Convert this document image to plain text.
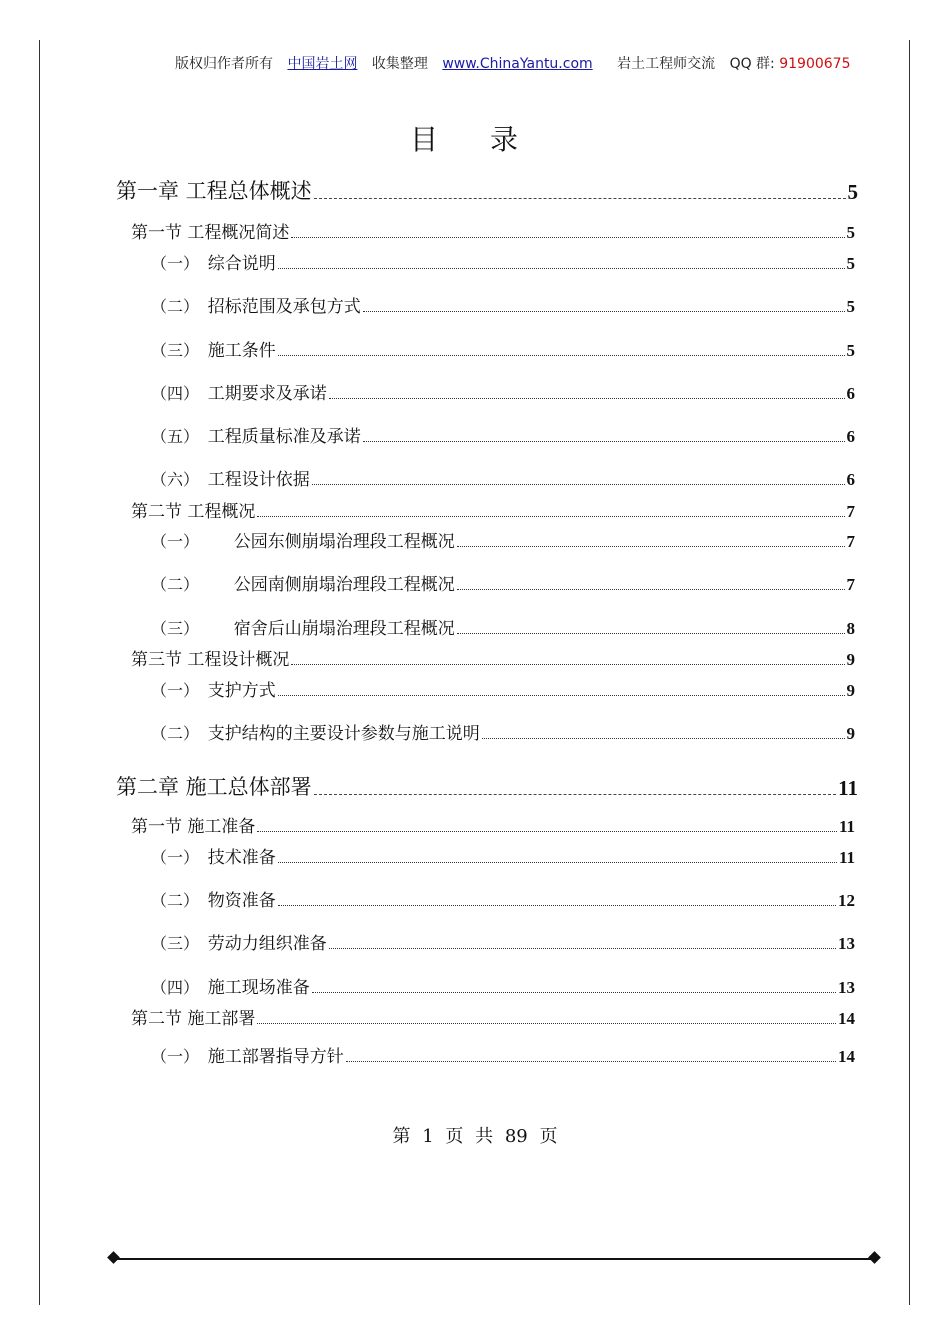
版权归作者所有 中国岩土网 收集整理 www.ChinaYantu.com 岩土工程师交流 QQ 群: 91900675
目录
第一章 工程总体概述	5
第一节 工程概况简述	5
（一） 综合说明	5
（二） 招标范围及承包方式	5
（三） 施工条件	5
（四） 工期要求及承诺	6
（五） 工程质量标准及承诺	6
（六） 工程设计依据	6
第二节 工程概况	7
（一） 公园东侧崩塌治理段工程概况	7
（二） 公园南侧崩塌治理段工程概况	7
（三） 宿舍后山崩塌治理段工程概况	8
第三节 工程设计概况	9
（一） 支护方式	9
（二） 支护结构的主要设计参数与施工说明	9
第二章 施工总体部署	11
第一节 施工准备	11
（一） 技术准备	11
（二） 物资准备	12
（三） 劳动力组织准备	13
（四） 施工现场准备	13
第二节 施工部署	14
（一） 施工部署指导方针	14
第 1 页 共 89 页
